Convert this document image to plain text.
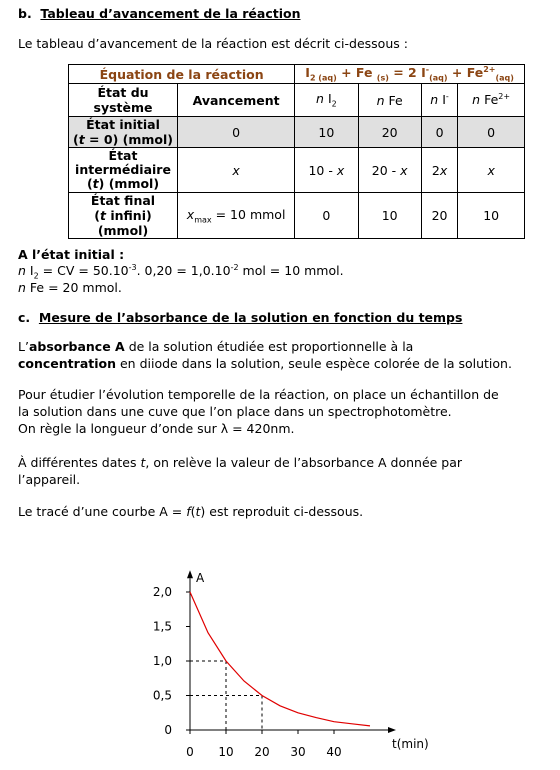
b. Tableau d’avancement de la réaction
Le tableau d’avancement de la réaction est décrit ci-dessous :
Équation de la réaction		$I_{2 (aq)} + Fe$ $_{(s)}$ = 2 $I^-_{(aq)} + Fe^{2+}_{(aq)}$
État du système	Avancement	n $I_2$	n Fe	n I-	n $Fe^{2+}$
État initial
(t = 0) (mmol)	0	10	20	0	0
État intermédiaire
(t) (mmol)	x	10 - x	20 - x	2x	x
État final
(t infini) (mmol)	$x_{max} = 10$ mmol	0	10	20	10
A l’état initial :
n $I_2$ = CV = $50.10^{-3}$. $0,20 = 1,0.10^{-2}$ mol = 10 mmol.
n Fe = 20 mmol.
c. Mesure de l’absorbance de la solution en fonction du temps
L’absorbance A de la solution étudiée est proportionnelle à la
concentration en diiode dans la solution, seule espèce colorée de la solution.
Pour étudier l’évolution temporelle de la réaction, on place un échantillon de
la solution dans une cuve que l’on place dans un spectrophotomètre.
On règle la longueur d’onde sur λ = 420nm.
À différentes dates t, on relève la valeur de l’absorbance A donnée par
l’appareil.
Le tracé d’une courbe A = f(t) est reproduit ci-dessous.
0 10 20 30 40
0
0,5
1,0
1,5
2,0
A
t(min)
